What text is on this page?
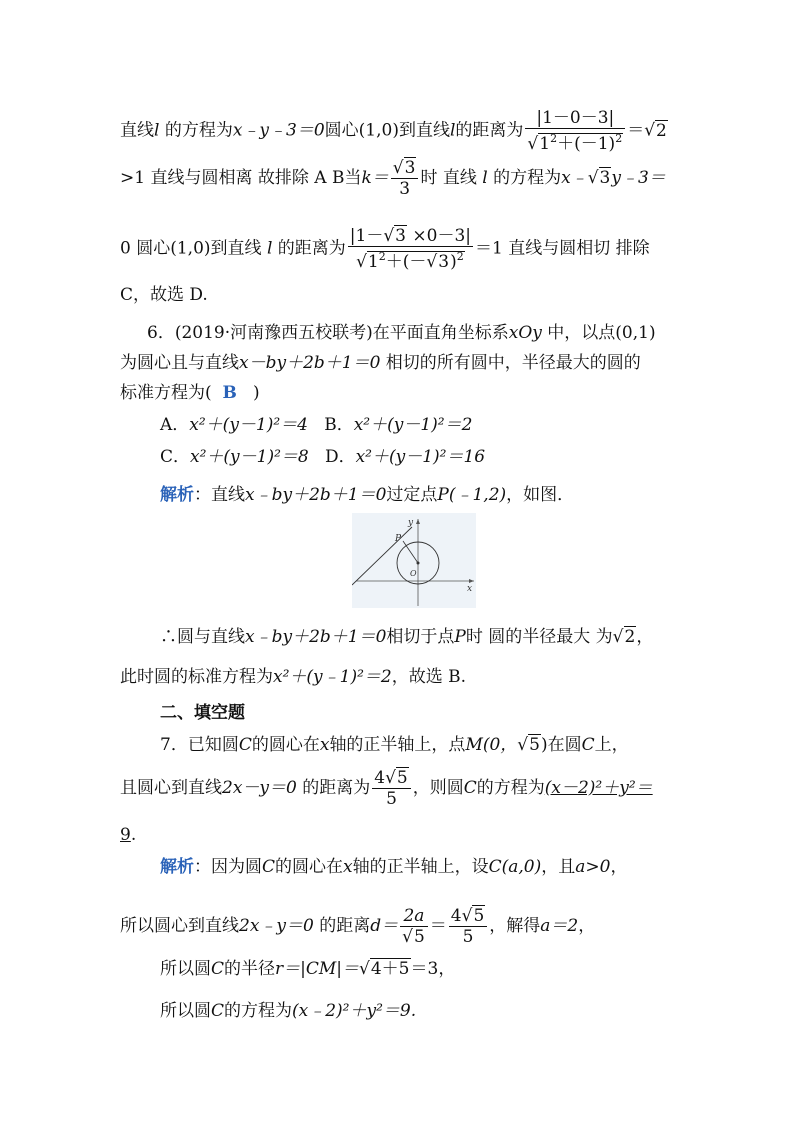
直线l 的方程为x﹣y﹣3＝0圆心(1,0)到直线l的距离为 $\frac{|1-0-3|}{√1^2+(-1)^2} =√2$
>1 直线与圆相离 故排除 A B当$k= \frac{√3}{3}$ 时 直线 l 的方程为x﹣√3y﹣3＝
0 圆心(1,0)到直线 l 的距离为 $\frac{|1-√3 \times 0-3|}{√1^2+(-√3)^2} =1$ 直线与圆相切 排除
C，故选 D.
6．(2019·河南豫西五校联考)在平面直角坐标系xOy 中，以点(0,1)
为圆心且与直线x－by＋2b＋1＝0 相切的所有圆中，半径最大的圆的
标准方程为( B )
A．x²＋(y－1)²＝4 B．x²＋(y－1)²＝2
C．x²＋(y－1)²＝8 D．x²＋(y－1)²＝16
解析：直线x﹣by＋2b＋1＝0过定点P(﹣1,2)，如图．
y
P
O
x
∴圆与直线x﹣by＋2b＋1＝0相切于点P时 圆的半径最大 为√2，
此时圆的标准方程为x²＋(y﹣1)²＝2，故选 B.
二、填空题
7．已知圆C的圆心在x轴的正半轴上，点M(0，√5)在圆C上，
且圆心到直线2x－y＝0 的距离为 $\frac{4√5}{5}$ ，则圆C的方程为(x－2)²＋y²＝
9.
解析：因为圆C的圆心在x轴的正半轴上，设C(a,0)，且a>0，
所以圆心到直线2x﹣y＝0 的距离$d= \frac{2a}{√5} = \frac{4√5}{5}$ ，解得a＝2，
所以圆C的半径r＝|CM|＝√4＋5＝3，
所以圆C的方程为(x﹣2)²＋y²＝9.
